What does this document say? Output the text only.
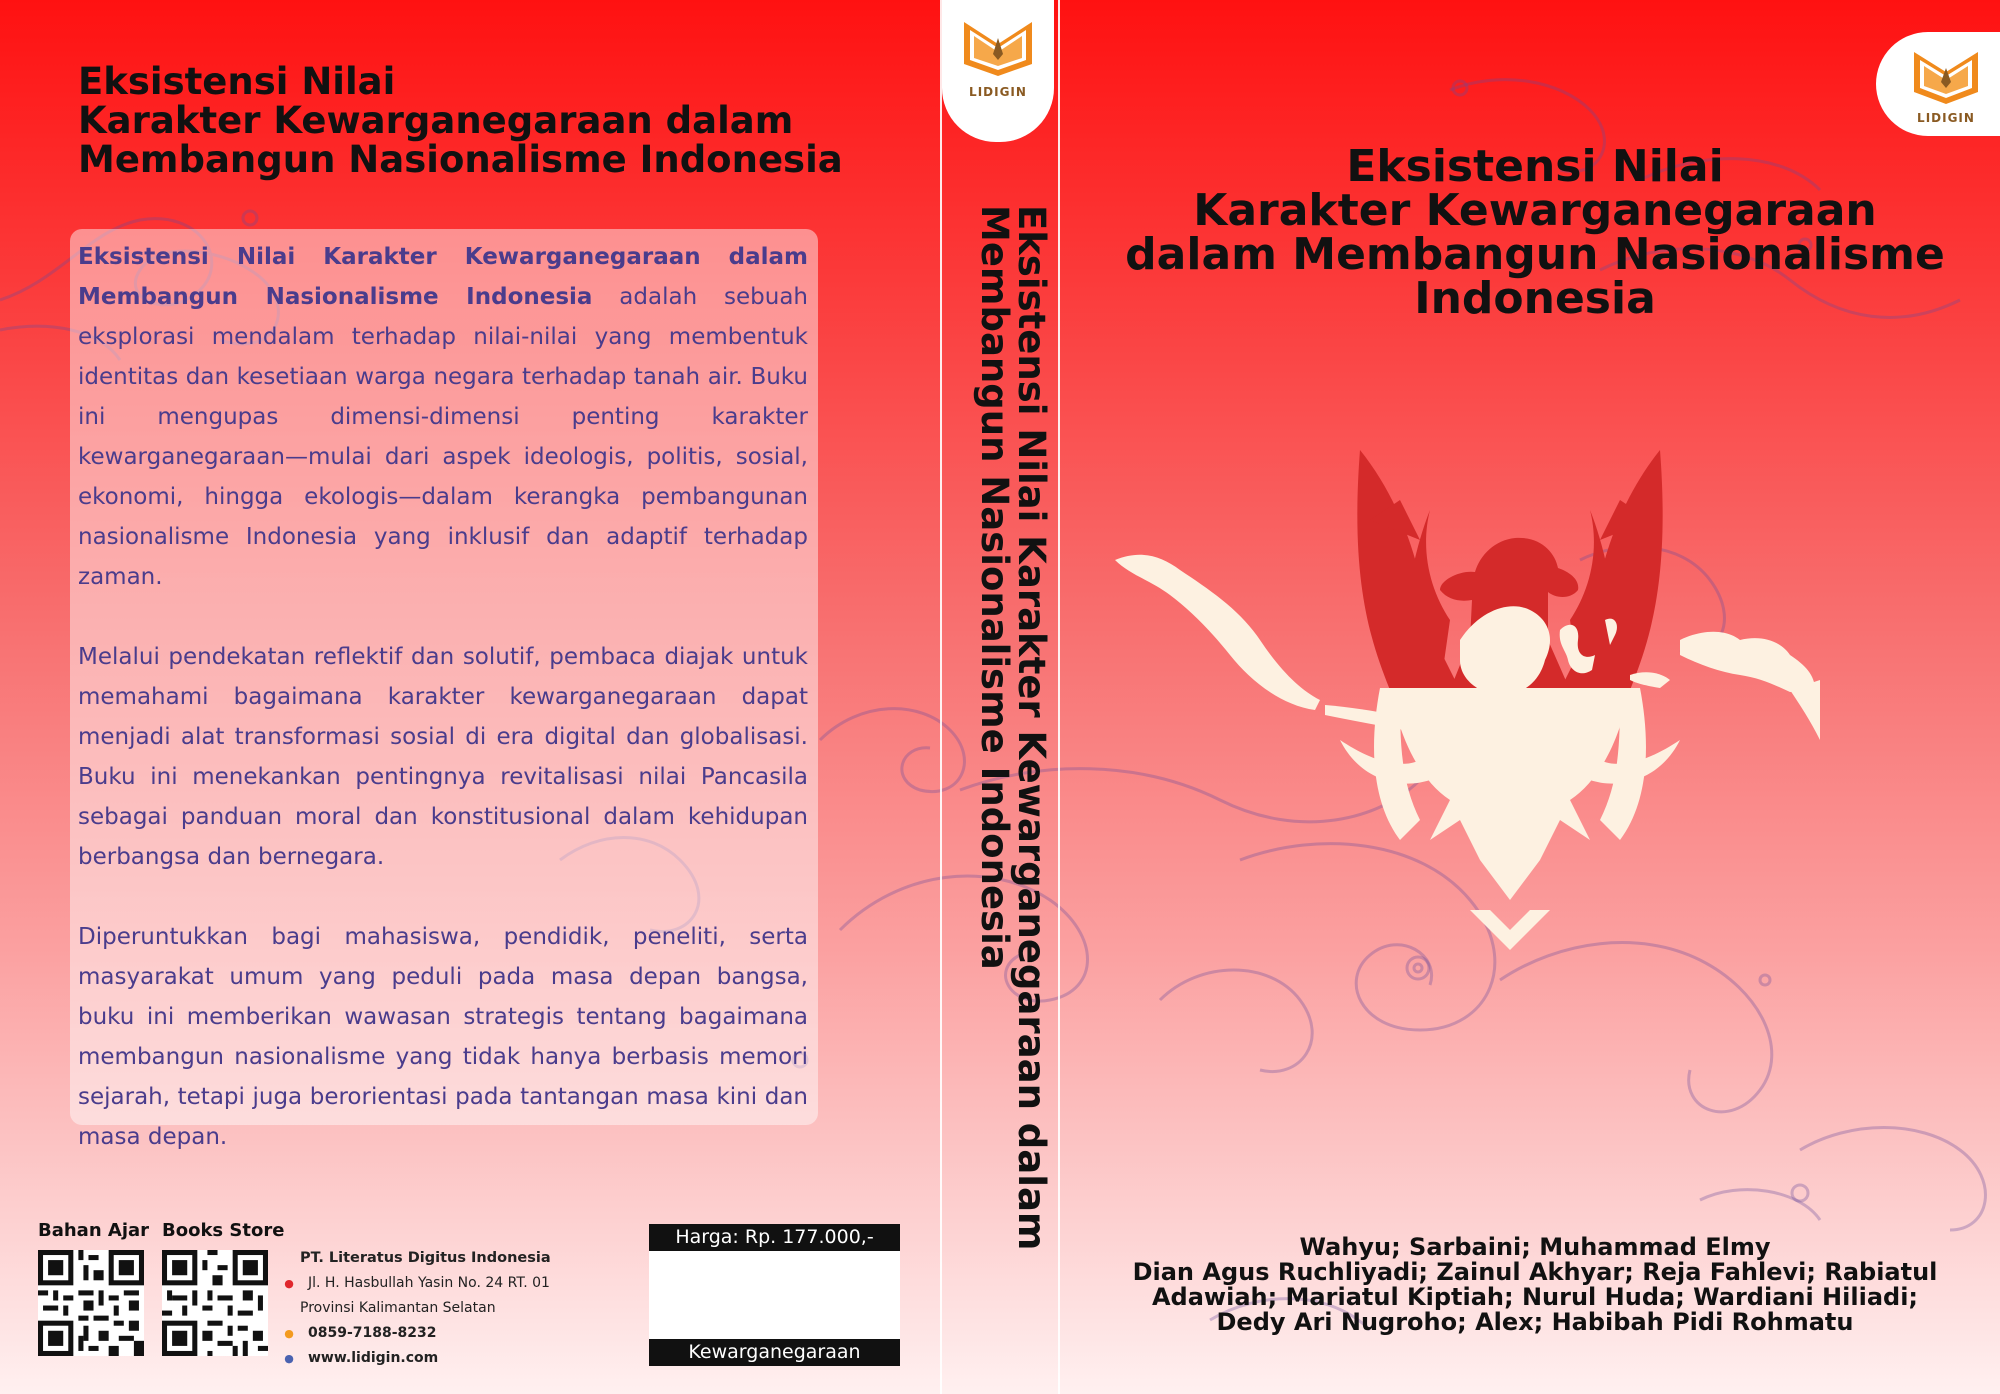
Eksistensi Nilai
Karakter Kewarganegaraan dalam
Membangun Nasionalisme Indonesia

Eksistensi Nilai Karakter Kewarganegaraan dalam Membangun Nasionalisme Indonesia adalah sebuah eksplorasi mendalam terhadap nilai-nilai yang membentuk identitas dan kesetiaan warga negara terhadap tanah air. Buku ini mengupas dimensi-dimensi penting karakter kewarganegaraan—mulai dari aspek ideologis, politis, sosial, ekonomi, hingga ekologis—dalam kerangka pembangunan nasionalisme Indonesia yang inklusif dan adaptif terhadap zaman.

Melalui pendekatan reflektif dan solutif, pembaca diajak untuk memahami bagaimana karakter kewarganegaraan dapat menjadi alat transformasi sosial di era digital dan globalisasi. Buku ini menekankan pentingnya revitalisasi nilai Pancasila sebagai panduan moral dan konstitusional dalam kehidupan berbangsa dan bernegara.

Diperuntukkan bagi mahasiswa, pendidik, peneliti, serta masyarakat umum yang peduli pada masa depan bangsa, buku ini memberikan wawasan strategis tentang bagaimana membangun nasionalisme yang tidak hanya berbasis memori sejarah, tetapi juga berorientasi pada tantangan masa kini dan masa depan.

Bahan Ajar Books Store
PT. Literatus Digitus Indonesia
● Jl. H. Hasbullah Yasin No. 24 RT. 01
Provinsi Kalimantan Selatan
● 0859-7188-8232
● www.lidigin.com
Harga: Rp. 177.000,-
Kewarganegaraan
LIDIGIN
Eksistensi Nilai Karakter Kewarganegaraan dalam
Membangun Nasionalisme Indonesia
LIDIGIN
Eksistensi Nilai
Karakter Kewarganegaraan
dalam Membangun Nasionalisme
Indonesia
Wahyu; Sarbaini; Muhammad Elmy
Dian Agus Ruchliyadi; Zainul Akhyar; Reja Fahlevi; Rabiatul
Adawiah; Mariatul Kiptiah; Nurul Huda; Wardiani Hiliadi;
Dedy Ari Nugroho; Alex; Habibah Pidi Rohmatu
